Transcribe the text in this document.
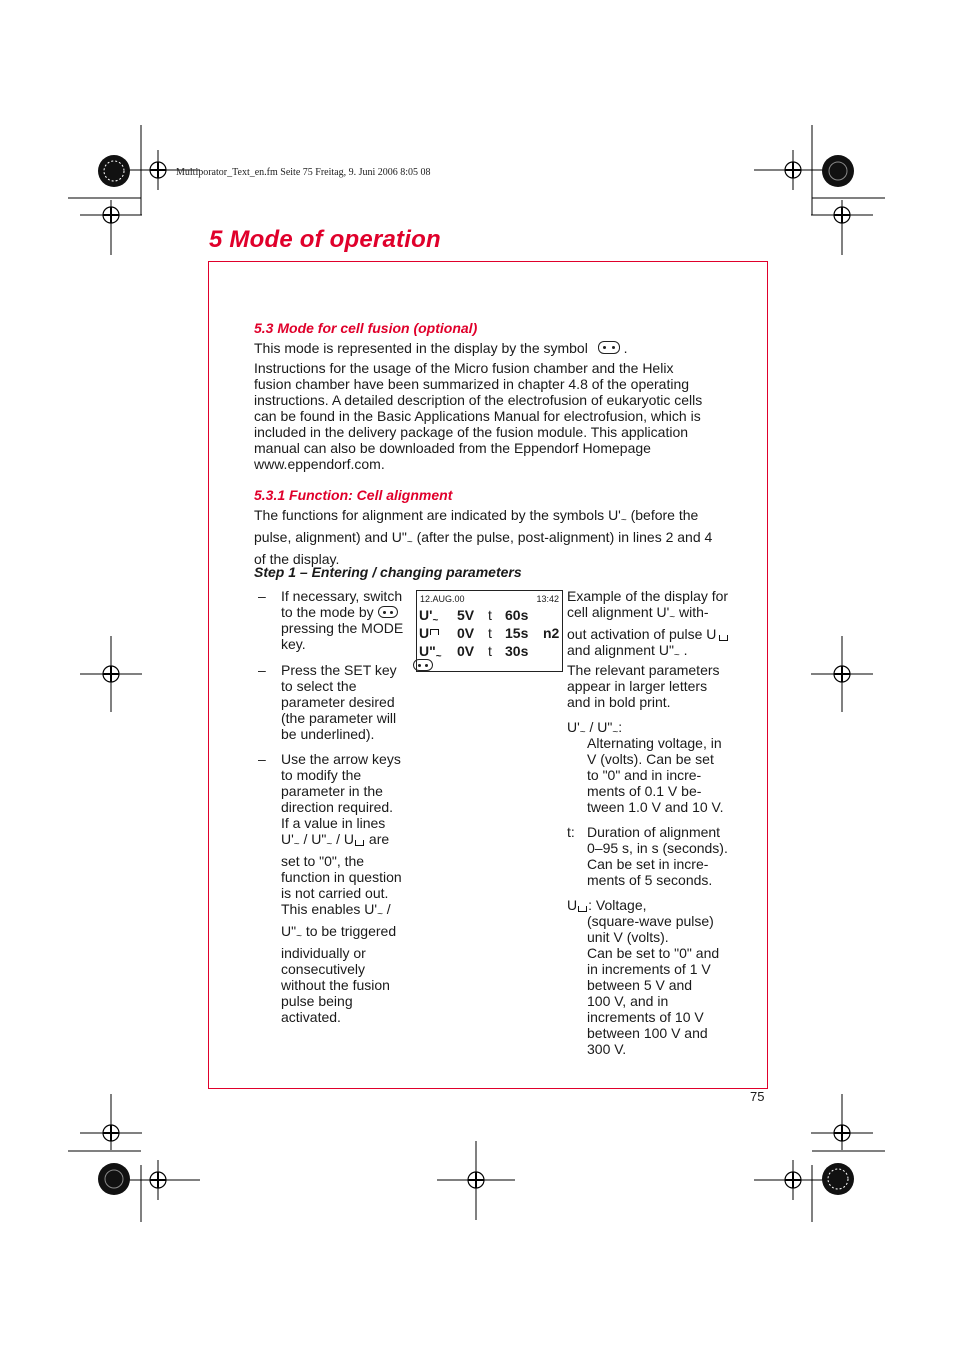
Multiporator_Text_en.fm Seite 75 Freitag, 9. Juni 2006 8:05 08
5 Mode of operation
5.3 Mode for cell fusion (optional)
This mode is represented in the display by the symbol	.
Instructions for the usage of the Micro fusion chamber and the Helix
fusion chamber have been summarized in chapter 4.8 of the operating
instructions. A detailed description of the electrofusion of eukaryotic cells
can be found in the Basic Applications Manual for electrofusion, which is
included in the delivery package of the fusion module. This application
manual can also be downloaded from the Eppendorf Homepage
www.eppendorf.com.
5.3.1 Function: Cell alignment
The functions for alignment are indicated by the symbols $U'_\sim$ (before the
pulse, alignment) and $U"_\sim$ (after the pulse, post-alignment) in lines 2 and 4
of the display.
Step 1 – Entering / changing parameters
– If necessary, switch
to the mode by
pressing the MODE
key.
– Press the SET key
to select the
parameter desired
(the parameter will
be underlined).
– Use the arrow keys
to modify the
parameter in the
direction required.
If a value in lines
$U'_\sim$ / $U"_\sim$ / U are
set to "0", the
function in question
is not carried out.
This enables $U'_\sim$ /
$U"_\sim$ to be triggered
individually or
consecutively
without the fusion
pulse being
activated.
12.AUG.00	13:42
$U'_\sim$ 5V t 60s
U	0V t 15s n2
$U"_\sim$ 0V t 30s
Example of the display for
cell alignment $U'_\sim$ with-
out activation of pulse U
and alignment $U"_\sim$ .
The relevant parameters
appear in larger letters
and in bold print.
$U'_\sim$ / $U"_\sim$:
Alternating voltage, in
V (volts). Can be set
to "0" and in incre-
ments of 0.1 V be-
tween 1.0 V and 10 V.
t: Duration of alignment
0–95 s, in s (seconds).
Can be set in incre-
ments of 5 seconds.
U : Voltage,
(square-wave pulse)
unit V (volts).
Can be set to "0" and
in increments of 1 V
between 5 V and
100 V, and in
increments of 10 V
between 100 V and
300 V.
75
